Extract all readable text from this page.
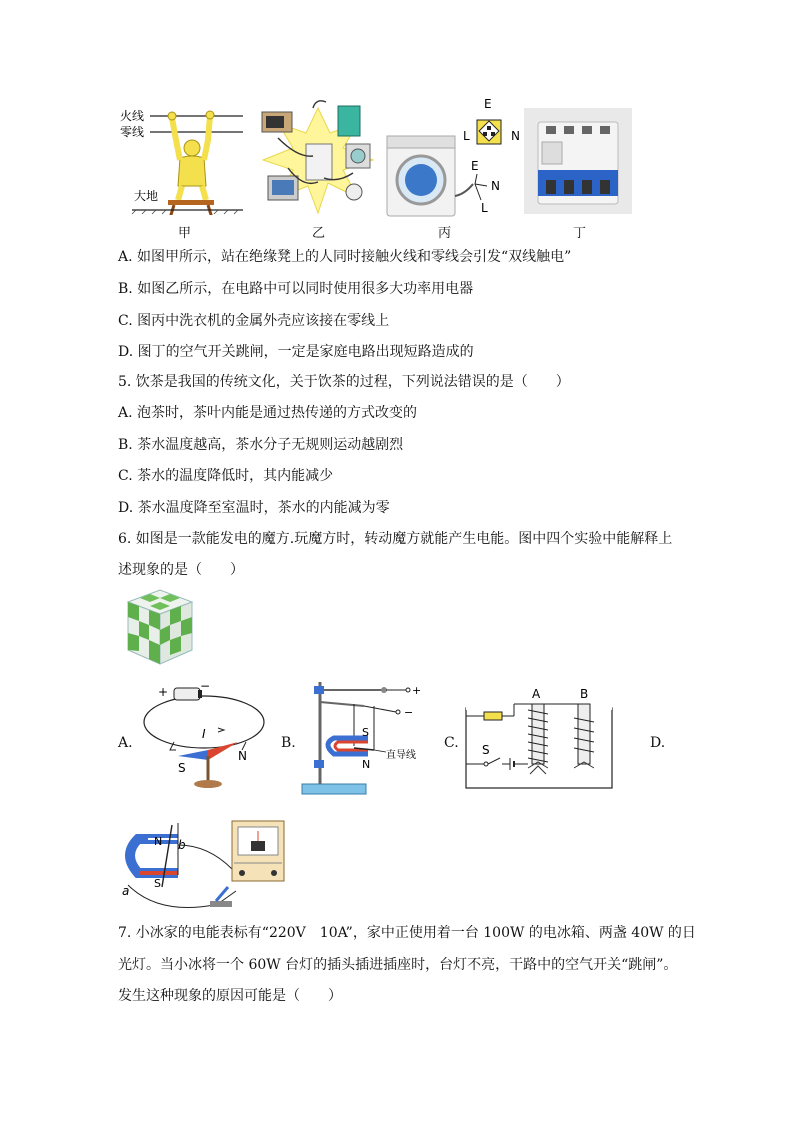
火线
零线
大地
甲	乙
E
L	N
E
N
L
丙	丁
A. 如图甲所示，站在绝缘凳上的人同时接触火线和零线会引发“双线触电”
B. 如图乙所示，在电路中可以同时使用很多大功率用电器
C. 图丙中洗衣机的金属外壳应该接在零线上
D. 图丁的空气开关跳闸，一定是家庭电路出现短路造成的
5. 饮茶是我国的传统文化，关于饮茶的过程，下列说法错误的是（　　）
A. 泡茶时，茶叶内能是通过热传递的方式改变的
B. 茶水温度越高，茶水分子无规则运动越剧烈
C. 茶水的温度降低时，其内能减少
D. 茶水温度降至室温时，茶水的内能减为零
6. 如图是一款能发电的魔方.玩魔方时，转动魔方就能产生电能。图中四个实验中能解释上
述现象的是（　　）
A.	B.	C.	D.
+	−
I
S
N
+
−
S
N
直导线
A	B
S
N
S
a
b
7. 小冰家的电能表标有“220V　10A”，家中正使用着一台 100W 的电冰箱、两盏 40W 的日
光灯。当小冰将一个 60W 台灯的插头插进插座时，台灯不亮，干路中的空气开关“跳闸”。
发生这种现象的原因可能是（　　）
